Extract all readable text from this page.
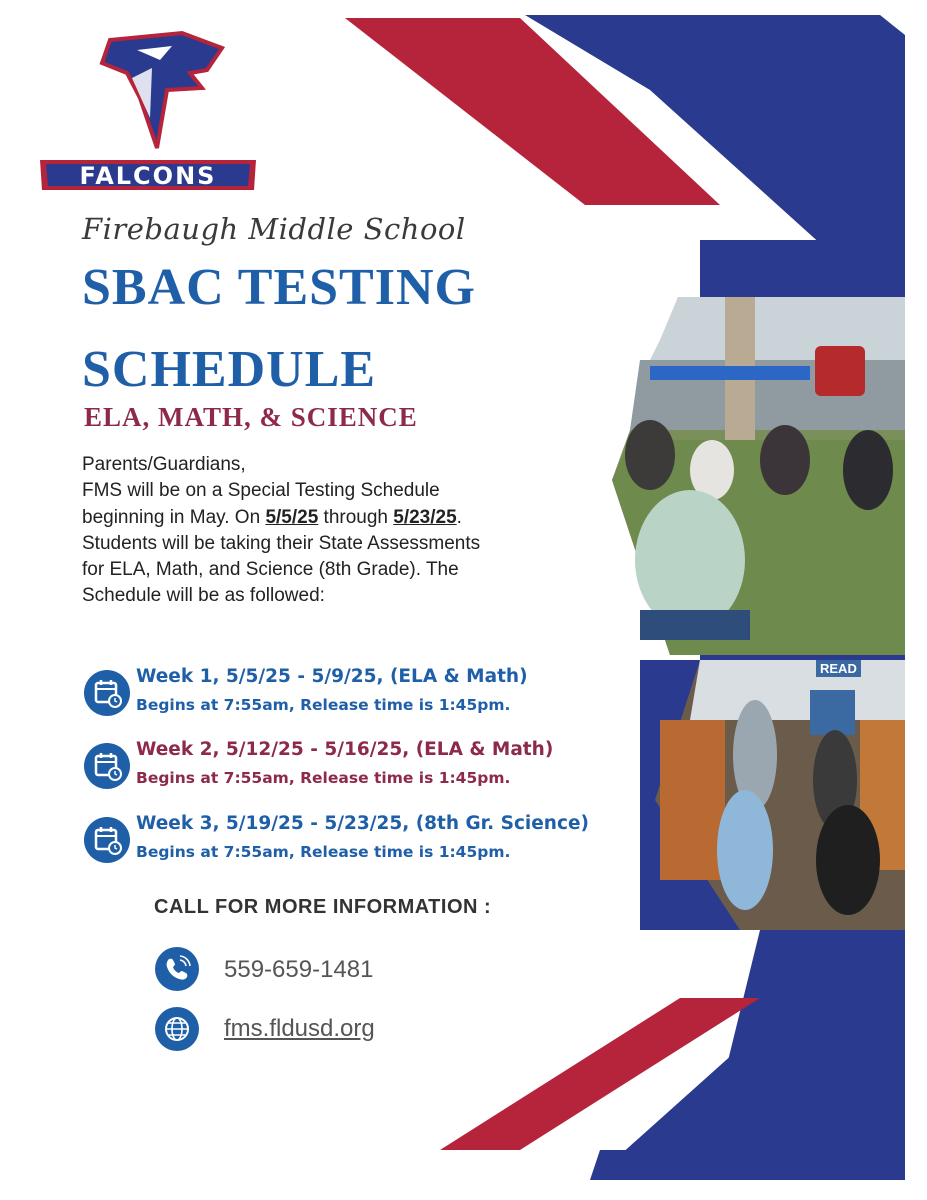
FALCONS
Firebaugh Middle School
SBAC TESTING
SCHEDULE
ELA, MATH, & SCIENCE

Parents/Guardians,

FMS will be on a Special Testing Schedule beginning in May. On 5/5/25 through 5/23/25. Students will be taking their State Assessments for ELA, Math, and Science (8th Grade). The Schedule will be as followed:

Week 1, 5/5/25 - 5/9/25, (ELA & Math)
Begins at 7:55am, Release time is 1:45pm.
Week 2, 5/12/25 - 5/16/25, (ELA & Math)
Begins at 7:55am, Release time is 1:45pm.
Week 3, 5/19/25 - 5/23/25, (8th Gr. Science)
Begins at 7:55am, Release time is 1:45pm.
CALL FOR MORE INFORMATION :
559-659-1481
fms.fldusd.org
READ
